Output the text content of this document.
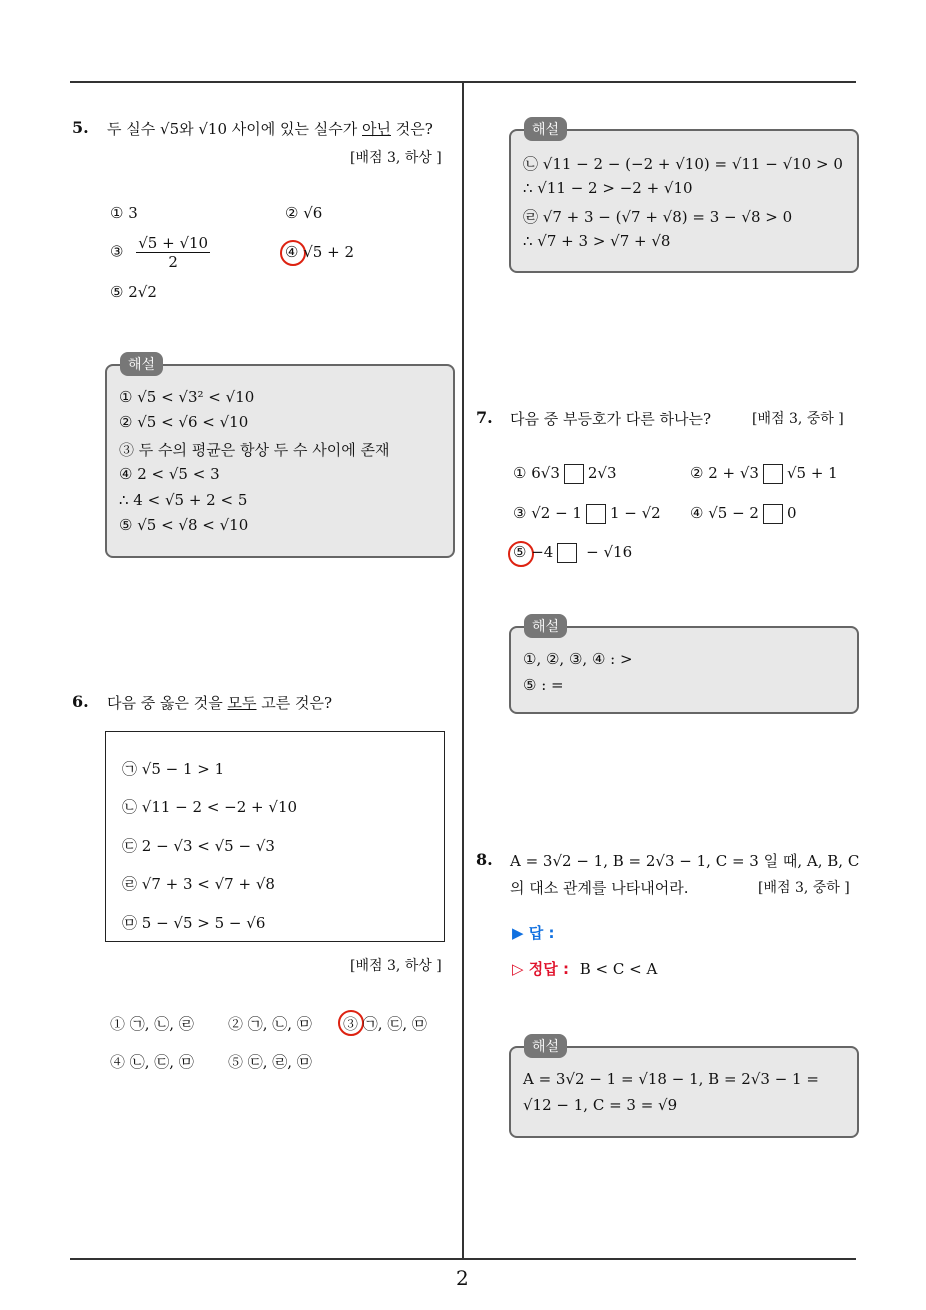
2
5. 두 실수 √5와 √10 사이에 있는 실수가 아닌 것은?
[배점 3, 하상 ]
① 3	② √6
③ $\frac{√5 + √10}{2}$	④ √5 + 2
⑤ 2√2
해설
① √5 < √3² < √10
② √5 < √6 < √10
③ 두 수의 평균은 항상 두 수 사이에 존재
④ 2 < √5 < 3
∴ 4 < √5 + 2 < 5
⑤ √5 < √8 < √10
6. 다음 중 옳은 것을 모두 고른 것은?
㉠ √5 − 1 > 1
㉡ √11 − 2 < −2 + √10
㉢ 2 − √3 < √5 − √3
㉣ √7 + 3 < √7 + √8
㉤ 5 − √5 > 5 − √6
[배점 3, 하상 ]
① ㉠, ㉡, ㉣ ② ㉠, ㉡, ㉤ ③ ㉠, ㉢, ㉤
④ ㉡, ㉢, ㉤ ⑤ ㉢, ㉣, ㉤
해설
㉡ √11 − 2 − (−2 + √10) = √11 − √10 > 0
∴ √11 − 2 > −2 + √10
㉣ √7 + 3 − (√7 + √8) = 3 − √8 > 0
∴ √7 + 3 > √7 + √8
7. 다음 중 부등호가 다른 하나는?	[배점 3, 중하 ]
① 6√3 2√3	② 2 + √3 √5 + 1
③ √2 − 1 1 − √2 ④ √5 − 2 0
⑤ −4 − √16
해설
①, ②, ③, ④ : >
⑤ : =
8. A = 3√2 − 1, B = 2√3 − 1, C = 3 일 때, A, B, C
의 대소 관계를 나타내어라.	[배점 3, 중하 ]
▶ 답 :
▷ 정답 : B < C < A
해설
A = 3√2 − 1 = √18 − 1, B = 2√3 − 1 =
√12 − 1, C = 3 = √9
